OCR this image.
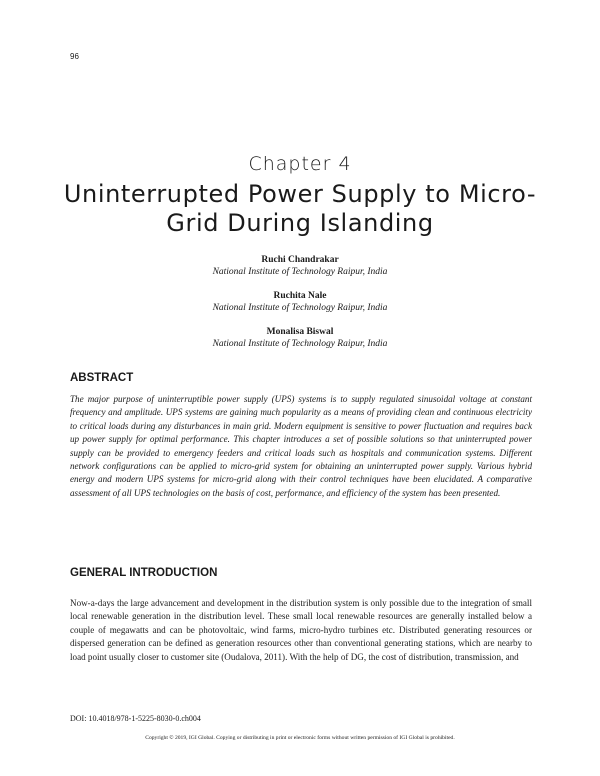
96
Chapter 4
Uninterrupted Power Supply to Micro-Grid During Islanding
Ruchi Chandrakar
National Institute of Technology Raipur, India
Ruchita Nale
National Institute of Technology Raipur, India
Monalisa Biswal
National Institute of Technology Raipur, India
ABSTRACT

The major purpose of uninterruptible power supply (UPS) systems is to supply regulated sinusoidal voltage at constant frequency and amplitude. UPS systems are gaining much popularity as a means of providing clean and continuous electricity to critical loads during any disturbances in main grid. Modern equipment is sensitive to power fluctuation and requires back up power supply for optimal performance. This chapter introduces a set of possible solutions so that uninterrupted power supply can be provided to emergency feeders and critical loads such as hospitals and communication systems. Different network configurations can be applied to micro-grid system for obtaining an uninterrupted power supply. Various hybrid energy and modern UPS systems for micro-grid along with their control techniques have been elucidated. A comparative assessment of all UPS technologies on the basis of cost, performance, and efficiency of the system has been presented.

GENERAL INTRODUCTION

Now-a-days the large advancement and development in the distribution system is only possible due to the integration of small local renewable generation in the distribution level. These small local renewable resources are generally installed below a couple of megawatts and can be photovoltaic, wind farms, micro-hydro turbines etc. Distributed generating resources or dispersed generation can be defined as generation resources other than conventional generating stations, which are nearby to load point usually closer to customer site (Oudalova, 2011). With the help of DG, the cost of distribution, transmission, and

DOI: 10.4018/978-1-5225-8030-0.ch004
Copyright © 2019, IGI Global. Copying or distributing in print or electronic forms without written permission of IGI Global is prohibited.
